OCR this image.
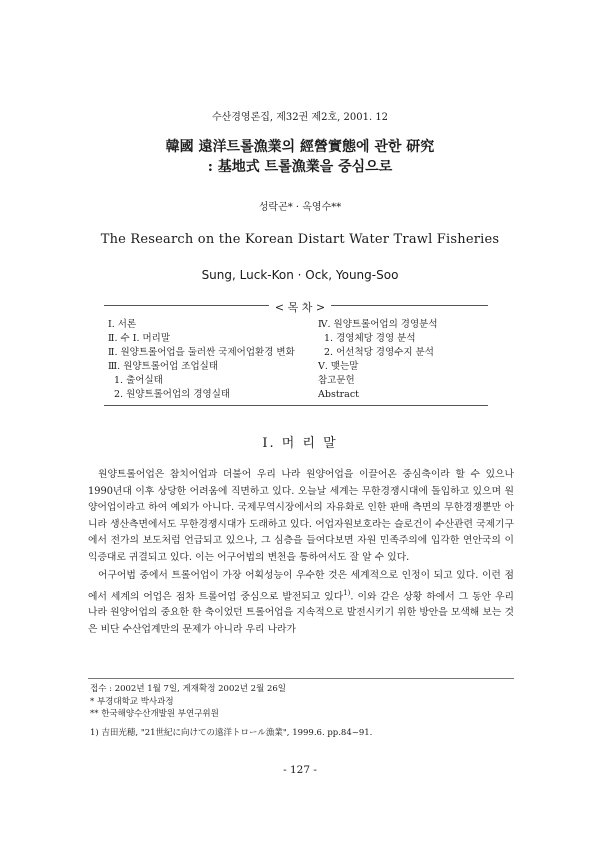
수산경영론집, 제32권 제2호, 2001. 12
韓國 遠洋트롤漁業의 經營實態에 관한 研究
: 基地式 트롤漁業을 중심으로
성락곤* · 옥영수**
The Research on the Korean Distart Water Trawl Fisheries
Sung, Luck-Kon · Ock, Young-Soo
< 목 차 >
Ⅰ. 서론
Ⅱ. 수 Ⅰ. 머리말
Ⅱ. 원양트롤어업을 둘러싼 국제어업환경 변화
Ⅲ. 원양트롤어업 조업실태
1. 출어실태
2. 원양트롤어업의 경영실태
Ⅳ. 원양트롤어업의 경영분석
1. 경영체당 경영 분석
2. 어선척당 경영수지 분석
Ⅴ. 맺는말
참고문헌
Abstract
Ⅰ. 머 리 말

원양트롤어업은 참치어업과 더불어 우리 나라 원양어업을 이끌어온 중심축이라 할 수 있으나 1990년대 이후 상당한 어려움에 직면하고 있다. 오늘날 세계는 무한경쟁시대에 돌입하고 있으며 원양어업이라고 하여 예외가 아니다. 국제무역시장에서의 자유화로 인한 판매 측면의 무한경쟁뿐만 아니라 생산측면에서도 무한경쟁시대가 도래하고 있다. 어업자원보호라는 슬로건이 수산관련 국제기구에서 전가의 보도처럼 언급되고 있으나, 그 심층을 들여다보면 자원 민족주의에 입각한 연안국의 이익증대로 귀결되고 있다. 이는 어구어법의 변천을 통하여서도 잘 알 수 있다.

어구어법 중에서 트롤어업이 가장 어획성능이 우수한 것은 세계적으로 인정이 되고 있다. 이런 점에서 세계의 어업은 점차 트롤어업 중심으로 발전되고 있다$^{1)}$. 이와 같은 상황 하에서 그 동안 우리 나라 원양어업의 중요한 한 축이었던 트롤어업을 지속적으로 발전시키기 위한 방안을 모색해 보는 것은 비단 수산업계만의 문제가 아니라 우리 나라가

접수 : 2002년 1월 7일, 게재확정 2002년 2월 26일
* 부경대학교 박사과정
** 한국해양수산개발원 부연구위원
1) 吉田光穂, "21世紀に向けての遠洋トロール漁業", 1999.6. pp.84~91.
- 127 -
